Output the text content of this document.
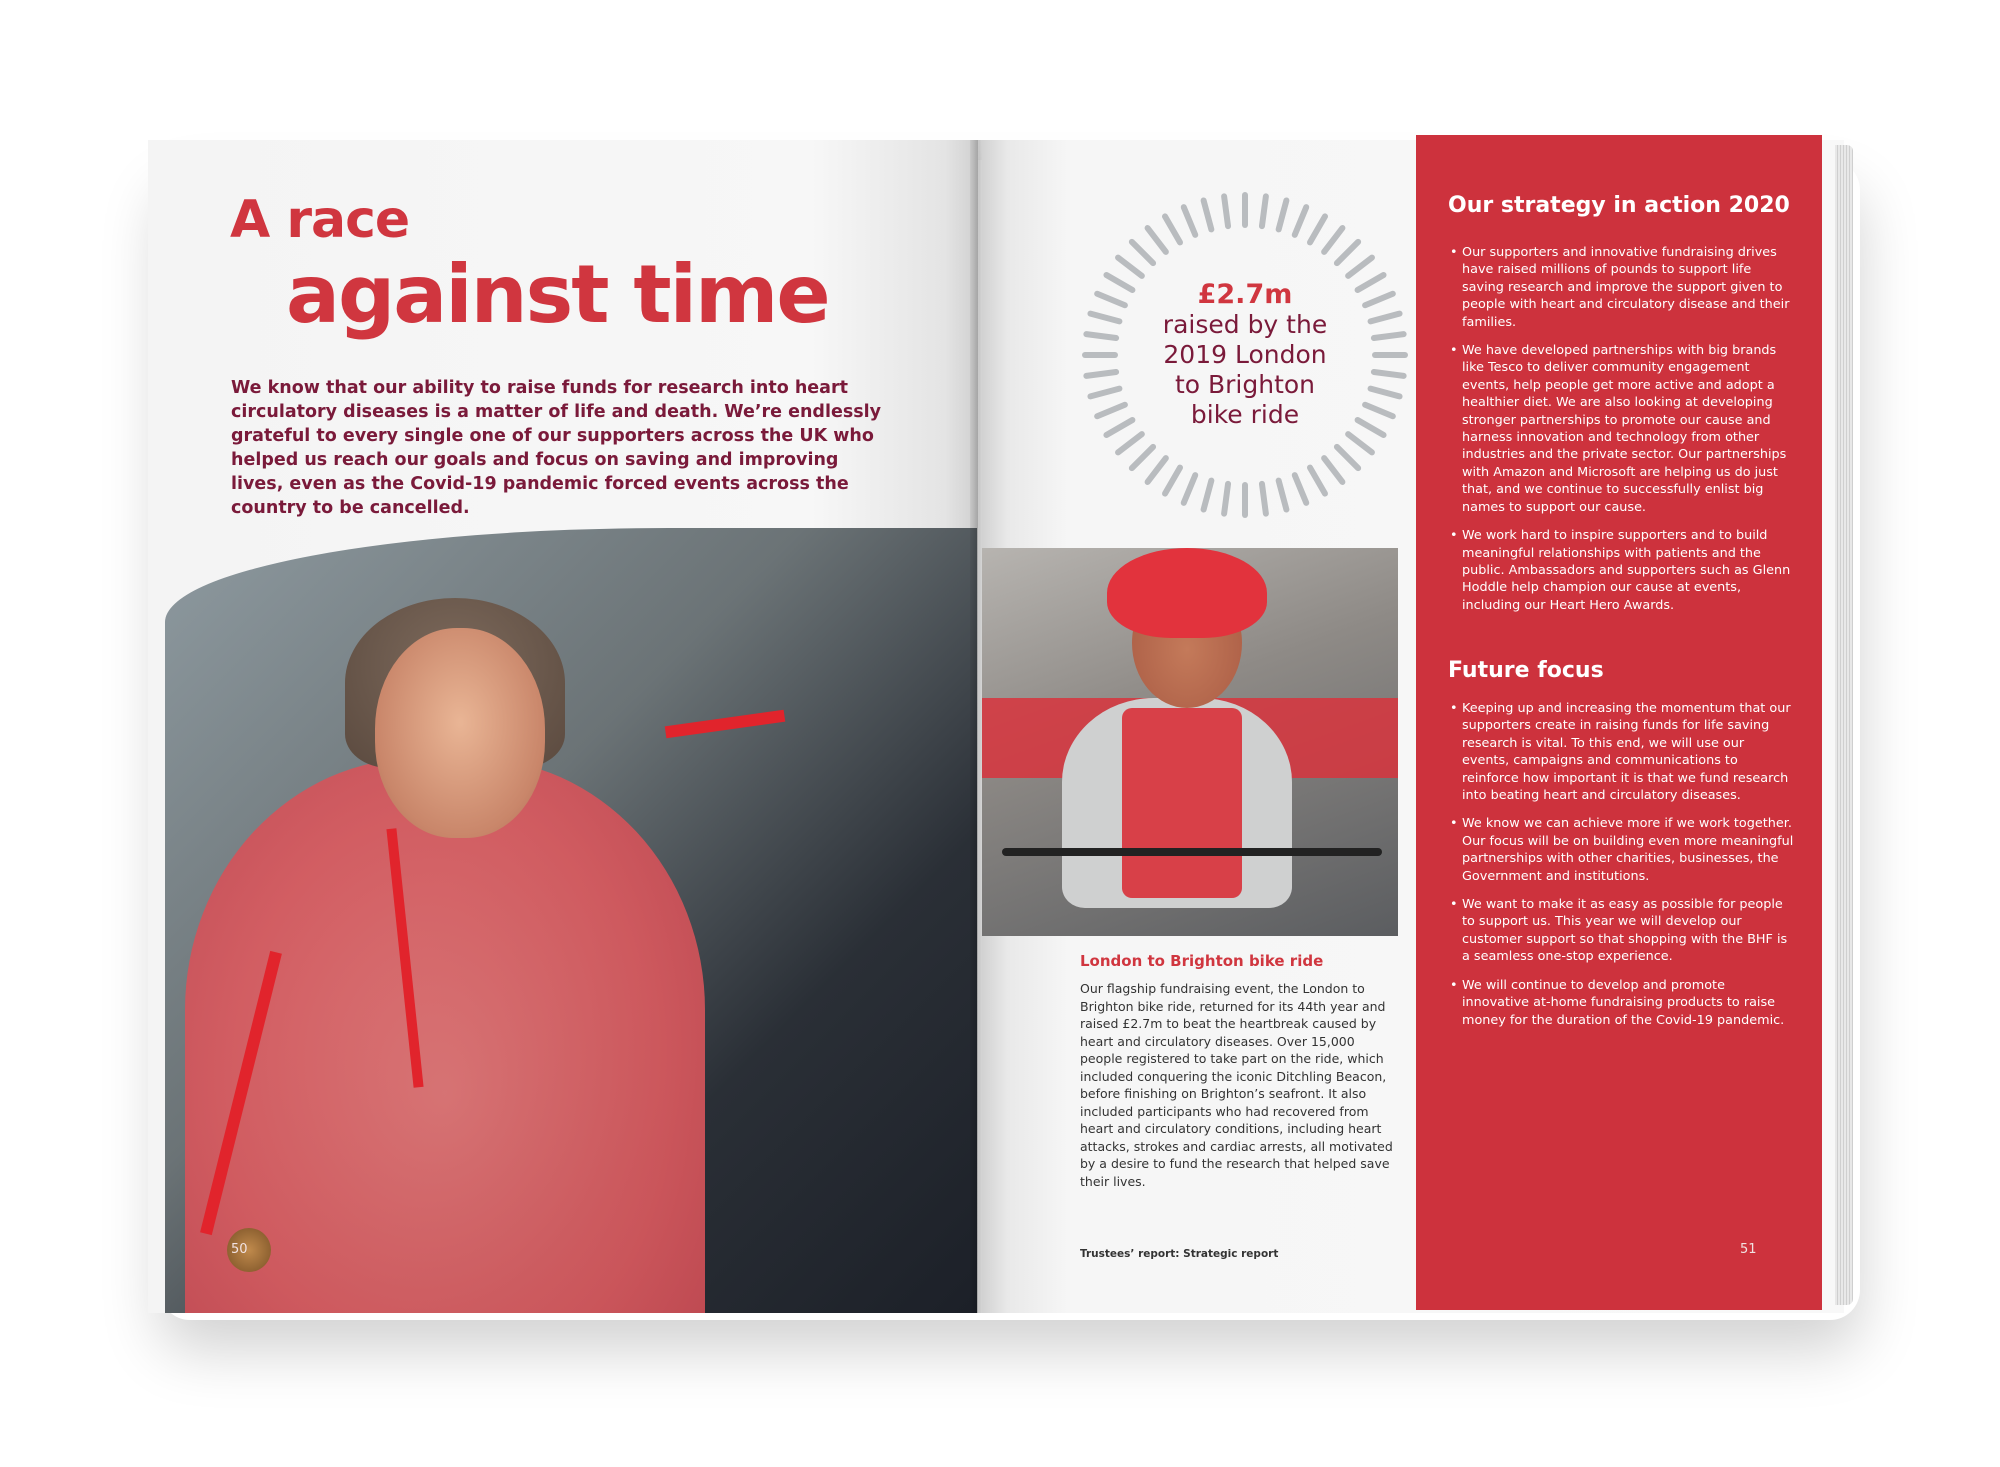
A race
against time
We know that our ability to raise funds for research into heart circulatory diseases is a matter of life and death. We’re endlessly grateful to every single one of our supporters across the UK who helped us reach our goals and focus on saving and improving lives, even as the Covid-19 pandemic forced events across the country to be cancelled.
50
£2.7m
raised by the
2019 London
to Brighton
bike ride
London to Brighton bike ride
Our flagship fundraising event, the London to Brighton bike ride, returned for its 44th year and raised £2.7m to beat the heartbreak caused by heart and circulatory diseases. Over 15,000 people registered to take part on the ride, which included conquering the iconic Ditchling Beacon, before finishing on Brighton’s seafront. It also included participants who had recovered from heart and circulatory conditions, including heart attacks, strokes and cardiac arrests, all motivated by a desire to fund the research that helped save their lives.
Trustees’ report: Strategic report
Our strategy in action 2020
• Our supporters and innovative fundraising drives have raised millions of pounds to support life saving research and improve the support given to people with heart and circulatory disease and their families.
• We have developed partnerships with big brands like Tesco to deliver community engagement events, help people get more active and adopt a healthier diet. We are also looking at developing stronger partnerships to promote our cause and harness innovation and technology from other industries and the private sector. Our partnerships with Amazon and Microsoft are helping us do just that, and we continue to successfully enlist big names to support our cause.
• We work hard to inspire supporters and to build meaningful relationships with patients and the public. Ambassadors and supporters such as Glenn Hoddle help champion our cause at events, including our Heart Hero Awards.
Future focus
• Keeping up and increasing the momentum that our supporters create in raising funds for life saving research is vital. To this end, we will use our events, campaigns and communications to reinforce how important it is that we fund research into beating heart and circulatory diseases.
• We know we can achieve more if we work together. Our focus will be on building even more meaningful partnerships with other charities, businesses, the Government and institutions.
• We want to make it as easy as possible for people to support us. This year we will develop our customer support so that shopping with the BHF is a seamless one-stop experience.
• We will continue to develop and promote innovative at-home fundraising products to raise money for the duration of the Covid-19 pandemic.
51
